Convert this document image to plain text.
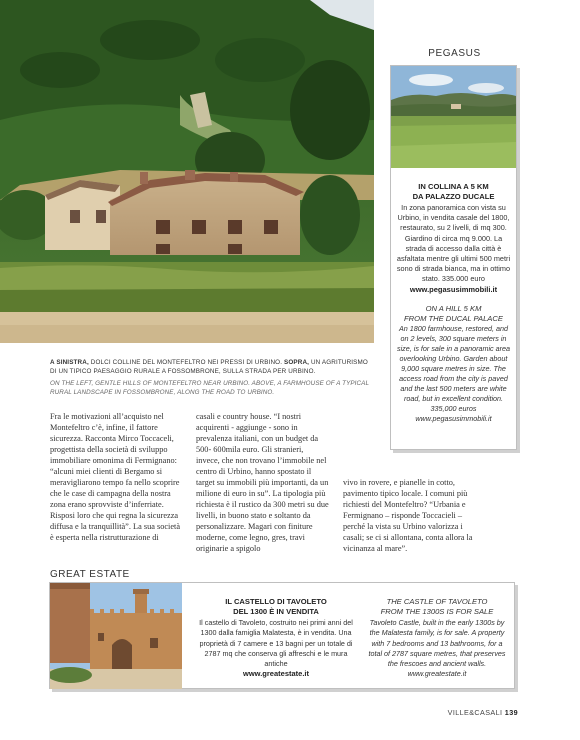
A SINISTRA, DOLCI COLLINE DEL MONTEFELTRO NEI PRESSI DI URBINO. SOPRA, UN AGRITURISMO DI UN TIPICO PAESAGGIO RURALE A FOSSOMBRONE, SULLA STRADA PER URBINO.

ON THE LEFT, GENTLE HILLS OF MONTEFELTRO NEAR URBINO. ABOVE, A FARMHOUSE OF A TYPICAL RURAL LANDSCAPE IN FOSSOMBRONE, ALONG THE ROAD TO URBINO.

Fra le motivazioni all’acquisto nel Montefeltro c’è, infine, il fattore sicurezza. Racconta Mirco Toccaceli, progettista della società di sviluppo immobiliare omonima di Fermignano: “alcuni miei clienti di Bergamo si meravigliarono tempo fa nello scoprire che le case di campagna della nostra zona erano sprovviste d’inferriate. Risposi loro che qui regna la sicurezza diffusa e la tranquillità”. La sua società è esperta nella ristrutturazione di

casali e country house. “I nostri acquirenti - aggiunge - sono in prevalenza italiani, con un budget da 500- 600mila euro. Gli stranieri, invece, che non trovano l’immobile nel centro di Urbino, hanno spostato il target su immobili più importanti, da un milione di euro in su”. La tipologia più richiesta è il rustico da 300 metri su due livelli, in buono stato e soltanto da personalizzare. Magari con finiture moderne, come legno, gres, travi originarie a spigolo

vivo in rovere, e pianelle in cotto, pavimento tipico locale. I comuni più richiesti del Montefeltro? “Urbania e Fermignano – risponde Toccacieli – perché la vista su Urbino valorizza i casali; se ci si allontana, conta allora la vicinanza al mare”.

PEGASUS

IN COLLINA A 5 KM
DA PALAZZO DUCALE

In zona panoramica con vista su Urbino, in vendita casale del 1800, restaurato, su 2 livelli, di mq 300. Giardino di circa mq 9.000. La strada di accesso dalla città è asfaltata mentre gli ultimi 500 metri sono di strada bianca, ma in ottimo stato. 335.000 euro

www.pegasusimmobili.it

ON A HILL 5 KM
FROM THE DUCAL PALACE

An 1800 farmhouse, restored, and on 2 levels, 300 square meters in size, is for sale in a panoramic area overlooking Urbino. Garden about 9,000 square metres in size. The access road from the city is paved and the last 500 meters are white road, but in excellent condition. 335,000 euros

www.pegasusimmobili.it

GREAT ESTATE

IL CASTELLO DI TAVOLETO
DEL 1300 È IN VENDITA

Il castello di Tavoleto, costruito nei primi anni del 1300 dalla famiglia Malatesta, è in vendita. Una proprietà di 7 camere e 13 bagni per un totale di 2787 mq che conserva gli affreschi e le mura antiche

www.greatestate.it

THE CASTLE OF TAVOLETO
FROM THE 1300S IS FOR SALE

Tavoleto Castle, built in the early 1300s by the Malatesta family, is for sale. A property with 7 bedrooms and 13 bathrooms, for a total of 2787 square metres, that preserves the frescoes and ancient walls.

www.greatestate.it

VILLE&CASALI 139
